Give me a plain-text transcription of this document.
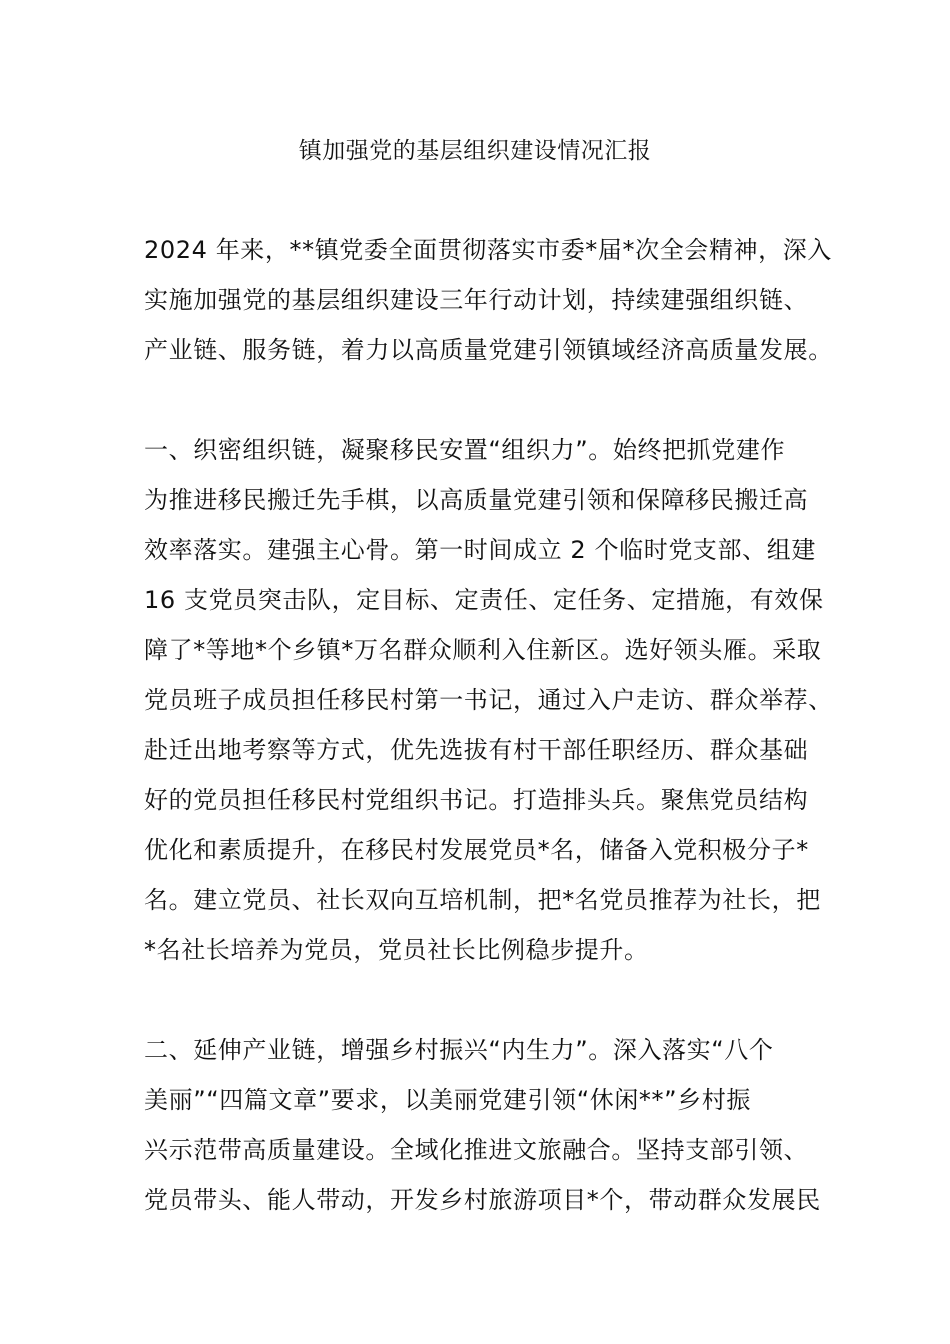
镇加强党的基层组织建设情况汇报
2024 年来，**镇党委全面贯彻落实市委*届*次全会精神，深入
实施加强党的基层组织建设三年行动计划，持续建强组织链、
产业链、服务链，着力以高质量党建引领镇域经济高质量发展。
一、织密组织链，凝聚移民安置“组织力”。始终把抓党建作
为推进移民搬迁先手棋，以高质量党建引领和保障移民搬迁高
效率落实。建强主心骨。第一时间成立 2 个临时党支部、组建
16 支党员突击队，定目标、定责任、定任务、定措施，有效保
障了*等地*个乡镇*万名群众顺利入住新区。选好领头雁。采取
党员班子成员担任移民村第一书记，通过入户走访、群众举荐、
赴迁出地考察等方式，优先选拔有村干部任职经历、群众基础
好的党员担任移民村党组织书记。打造排头兵。聚焦党员结构
优化和素质提升，在移民村发展党员*名，储备入党积极分子*
名。建立党员、社长双向互培机制，把*名党员推荐为社长，把
*名社长培养为党员，党员社长比例稳步提升。
二、延伸产业链，增强乡村振兴“内生力”。深入落实“八个
美丽”“四篇文章”要求，以美丽党建引领“休闲**”乡村振
兴示范带高质量建设。全域化推进文旅融合。坚持支部引领、
党员带头、能人带动，开发乡村旅游项目*个，带动群众发展民
